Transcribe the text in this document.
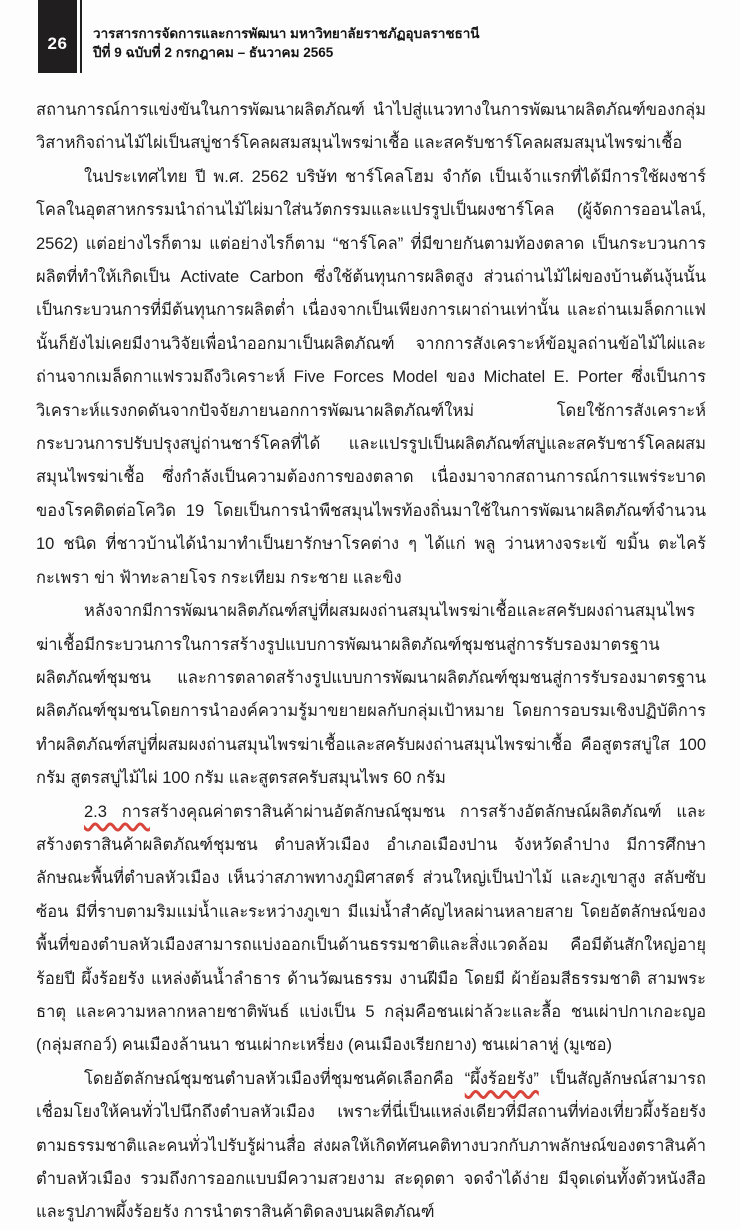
26 วารสารการจัดการและการพัฒนา มหาวิทยาลัยราชภัฏอุบลราชธานี
ปีที่ 9 ฉบับที่ 2 กรกฎาคม – ธันวาคม 2565

สถานการณ์การแข่งขันในการพัฒนาผลิตภัณฑ์ นำไปสู่แนวทางในการพัฒนาผลิตภัณฑ์ของกลุ่มวิสาหกิจถ่านไม้ไผ่เป็นสบู่ชาร์โคลผสมสมุนไพรฆ่าเชื้อ และสครับชาร์โคลผสมสมุนไพรฆ่าเชื้อ

ในประเทศไทย ปี พ.ศ. 2562 บริษัท ชาร์โคลโฮม จำกัด เป็นเจ้าแรกที่ได้มีการใช้ผงชาร์โคลในอุตสาหกรรมนำถ่านไม้ไผ่มาใส่นวัตกรรมและแปรรูปเป็นผงชาร์โคล (ผู้จัดการออนไลน์, 2562) แต่อย่างไรก็ตาม แต่อย่างไรก็ตาม “ชาร์โคล” ที่มีขายกันตามท้องตลาด เป็นกระบวนการผลิตที่ทำให้เกิดเป็น Activate Carbon ซึ่งใช้ต้นทุนการผลิตสูง ส่วนถ่านไม้ไผ่ของบ้านต้นงุ้นนั้นเป็นกระบวนการที่มีต้นทุนการผลิตต่ำ เนื่องจากเป็นเพียงการเผาถ่านเท่านั้น และถ่านเมล็ดกาแฟนั้นก็ยังไม่เคยมีงานวิจัยเพื่อนำออกมาเป็นผลิตภัณฑ์ จากการสังเคราะห์ข้อมูลถ่านข้อไม้ไผ่และถ่านจากเมล็ดกาแฟรวมถึงวิเคราะห์ Five Forces Model ของ Michatel E. Porter ซึ่งเป็นการวิเคราะห์แรงกดดันจากปัจจัยภายนอกการพัฒนาผลิตภัณฑ์ใหม่ โดยใช้การสังเคราะห์กระบวนการปรับปรุงสบู่ถ่านชาร์โคลที่ได้ และแปรรูปเป็นผลิตภัณฑ์สบู่และสครับชาร์โคลผสมสมุนไพรฆ่าเชื้อ ซึ่งกำลังเป็นความต้องการของตลาด เนื่องมาจากสถานการณ์การแพร่ระบาดของโรคติดต่อโควิด 19 โดยเป็นการนำพืชสมุนไพรท้องถิ่นมาใช้ในการพัฒนาผลิตภัณฑ์จำนวน 10 ชนิด ที่ชาวบ้านได้นำมาทำเป็นยารักษาโรคต่าง ๆ ได้แก่ พลู ว่านหางจระเข้ ขมิ้น ตะไคร้ กะเพรา ข่า ฟ้าทะลายโจร กระเทียม กระชาย และขิง

หลังจากมีการพัฒนาผลิตภัณฑ์สบู่ที่ผสมผงถ่านสมุนไพรฆ่าเชื้อและสครับผงถ่านสมุนไพรฆ่าเชื้อมีกระบวนการในการสร้างรูปแบบการพัฒนาผลิตภัณฑ์ชุมชนสู่การรับรองมาตรฐานผลิตภัณฑ์ชุมชน และการตลาดสร้างรูปแบบการพัฒนาผลิตภัณฑ์ชุมชนสู่การรับรองมาตรฐานผลิตภัณฑ์ชุมชนโดยการนำองค์ความรู้มาขยายผลกับกลุ่มเป้าหมาย โดยการอบรมเชิงปฏิบัติการทำผลิตภัณฑ์สบู่ที่ผสมผงถ่านสมุนไพรฆ่าเชื้อและสครับผงถ่านสมุนไพรฆ่าเชื้อ คือสูตรสบู่ใส 100 กรัม สูตรสบู่ไม้ไผ่ 100 กรัม และสูตรสครับสมุนไพร 60 กรัม

2.3 การสร้างคุณค่าตราสินค้าผ่านอัตลักษณ์ชุมชน การสร้างอัตลักษณ์ผลิตภัณฑ์ และสร้างตราสินค้าผลิตภัณฑ์ชุมชน ตำบลหัวเมือง อำเภอเมืองปาน จังหวัดลำปาง มีการศึกษาลักษณะพื้นที่ตำบลหัวเมือง เห็นว่าสภาพทางภูมิศาสตร์ ส่วนใหญ่เป็นป่าไม้ และภูเขาสูง สลับซับซ้อน มีที่ราบตามริมแม่น้ำและระหว่างภูเขา มีแม่น้ำสำคัญไหลผ่านหลายสาย โดยอัตลักษณ์ของพื้นที่ของตำบลหัวเมืองสามารถแบ่งออกเป็นด้านธรรมชาติและสิ่งแวดล้อม คือมีต้นสักใหญ่อายุร้อยปี ผึ้งร้อยรัง แหล่งต้นน้ำลำธาร ด้านวัฒนธรรม งานฝีมือ โดยมี ผ้าย้อมสีธรรมชาติ สามพระธาตุ และความหลากหลายชาติพันธ์ แบ่งเป็น 5 กลุ่มคือชนเผ่าล้วะและลื้อ ชนเผ่าปกาเกอะญอ (กลุ่มสกอว์) คนเมืองล้านนา ชนเผ่ากะเหรี่ยง (คนเมืองเรียกยาง) ชนเผ่าลาหู่ (มูเซอ)

โดยอัตลักษณ์ชุมชนตำบลหัวเมืองที่ชุมชนคัดเลือกคือ “ผึ้งร้อยรัง” เป็นสัญลักษณ์สามารถเชื่อมโยงให้คนทั่วไปนึกถึงตำบลหัวเมือง เพราะที่นี่เป็นแหล่งเดียวที่มีสถานที่ท่องเที่ยวผึ้งร้อยรังตามธรรมชาติและคนทั่วไปรับรู้ผ่านสื่อ ส่งผลให้เกิดทัศนคติทางบวกกับภาพลักษณ์ของตราสินค้าตำบลหัวเมือง รวมถึงการออกแบบมีความสวยงาม สะดุดตา จดจำได้ง่าย มีจุดเด่นทั้งตัวหนังสือและรูปภาพผึ้งร้อยรัง การนำตราสินค้าติดลงบนผลิตภัณฑ์
